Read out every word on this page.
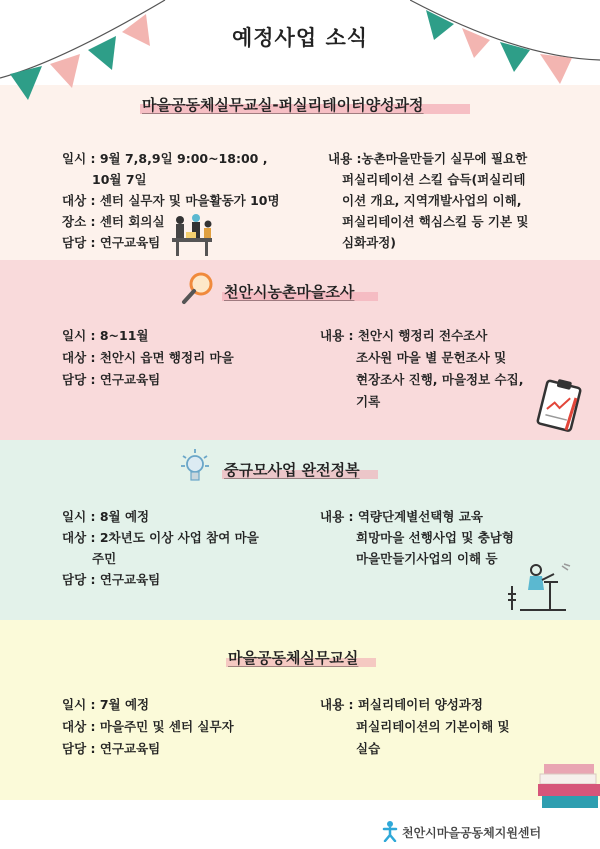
예정사업 소식
마을공동체실무교실-퍼실리테이터양성과정
일시 : 9월 7,8,9일 9:00~18:00 ,
10월 7일
대상 : 센터 실무자 및 마을활동가 10명
장소 : 센터 회의실
담당 : 연구교육팀
내용 :농촌마을만들기 실무에 필요한
퍼실리테이션 스킬 습득(퍼실리테
이션 개요, 지역개발사업의 이해,
퍼실리테이션 핵심스킬 등 기본 및
심화과정)
천안시농촌마을조사
일시 : 8~11월
대상 : 천안시 읍면 행정리 마을
담당 : 연구교육팀
내용 : 천안시 행정리 전수조사
조사원 마을 별 문헌조사 및
현장조사 진행, 마을정보 수집,
기록
중규모사업 완전정복
일시 : 8월 예정
대상 : 2차년도 이상 사업 참여 마을
주민
담당 : 연구교육팀
내용 : 역량단계별선택형 교육
희망마을 선행사업 및 충남형
마을만들기사업의 이해 등
마을공동체실무교실
일시 : 7월 예정
대상 : 마을주민 및 센터 실무자
담당 : 연구교육팀
내용 : 퍼실리테이터 양성과정
퍼실리테이션의 기본이해 및
실습
천안시마을공동체지원센터
